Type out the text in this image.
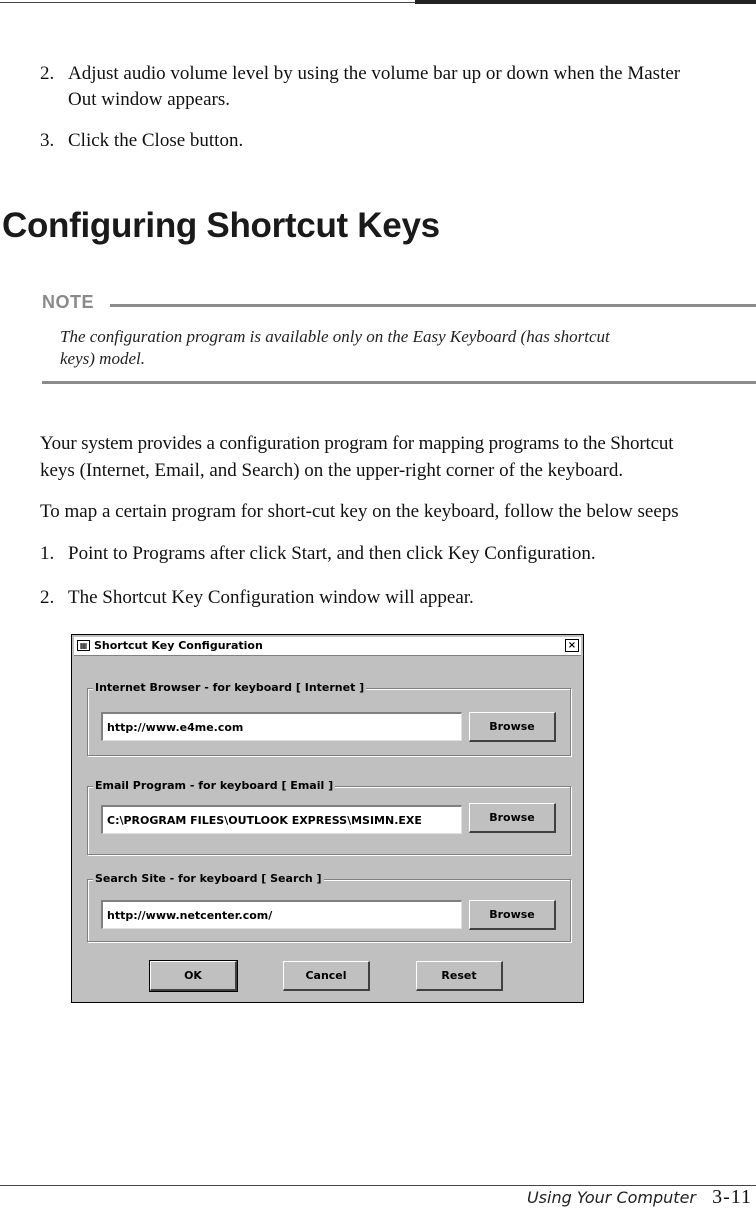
2. Adjust audio volume level by using the volume bar up or down when the Master
Out window appears.
3. Click the Close button.
Configuring Shortcut Keys
NOTE
The configuration program is available only on the Easy Keyboard (has shortcut
keys) model.
Your system provides a configuration program for mapping programs to the Shortcut
keys (Internet, Email, and Search) on the upper-right corner of the keyboard.
To map a certain program for short-cut key on the keyboard, follow the below seeps
1. Point to Programs after click Start, and then click Key Configuration.
2. The Shortcut Key Configuration window will appear.
▦ Shortcut Key Configuration	×
Internet Browser - for keyboard [ Internet ]
http://www.e4me.com
Browse
Email Program - for keyboard [ Email ]
C:\PROGRAM FILES\OUTLOOK EXPRESS\MSIMN.EXE
Browse
Search Site - for keyboard [ Search ]
http://www.netcenter.com/
Browse
OK	Cancel	Reset
Using Your Computer 3-11
